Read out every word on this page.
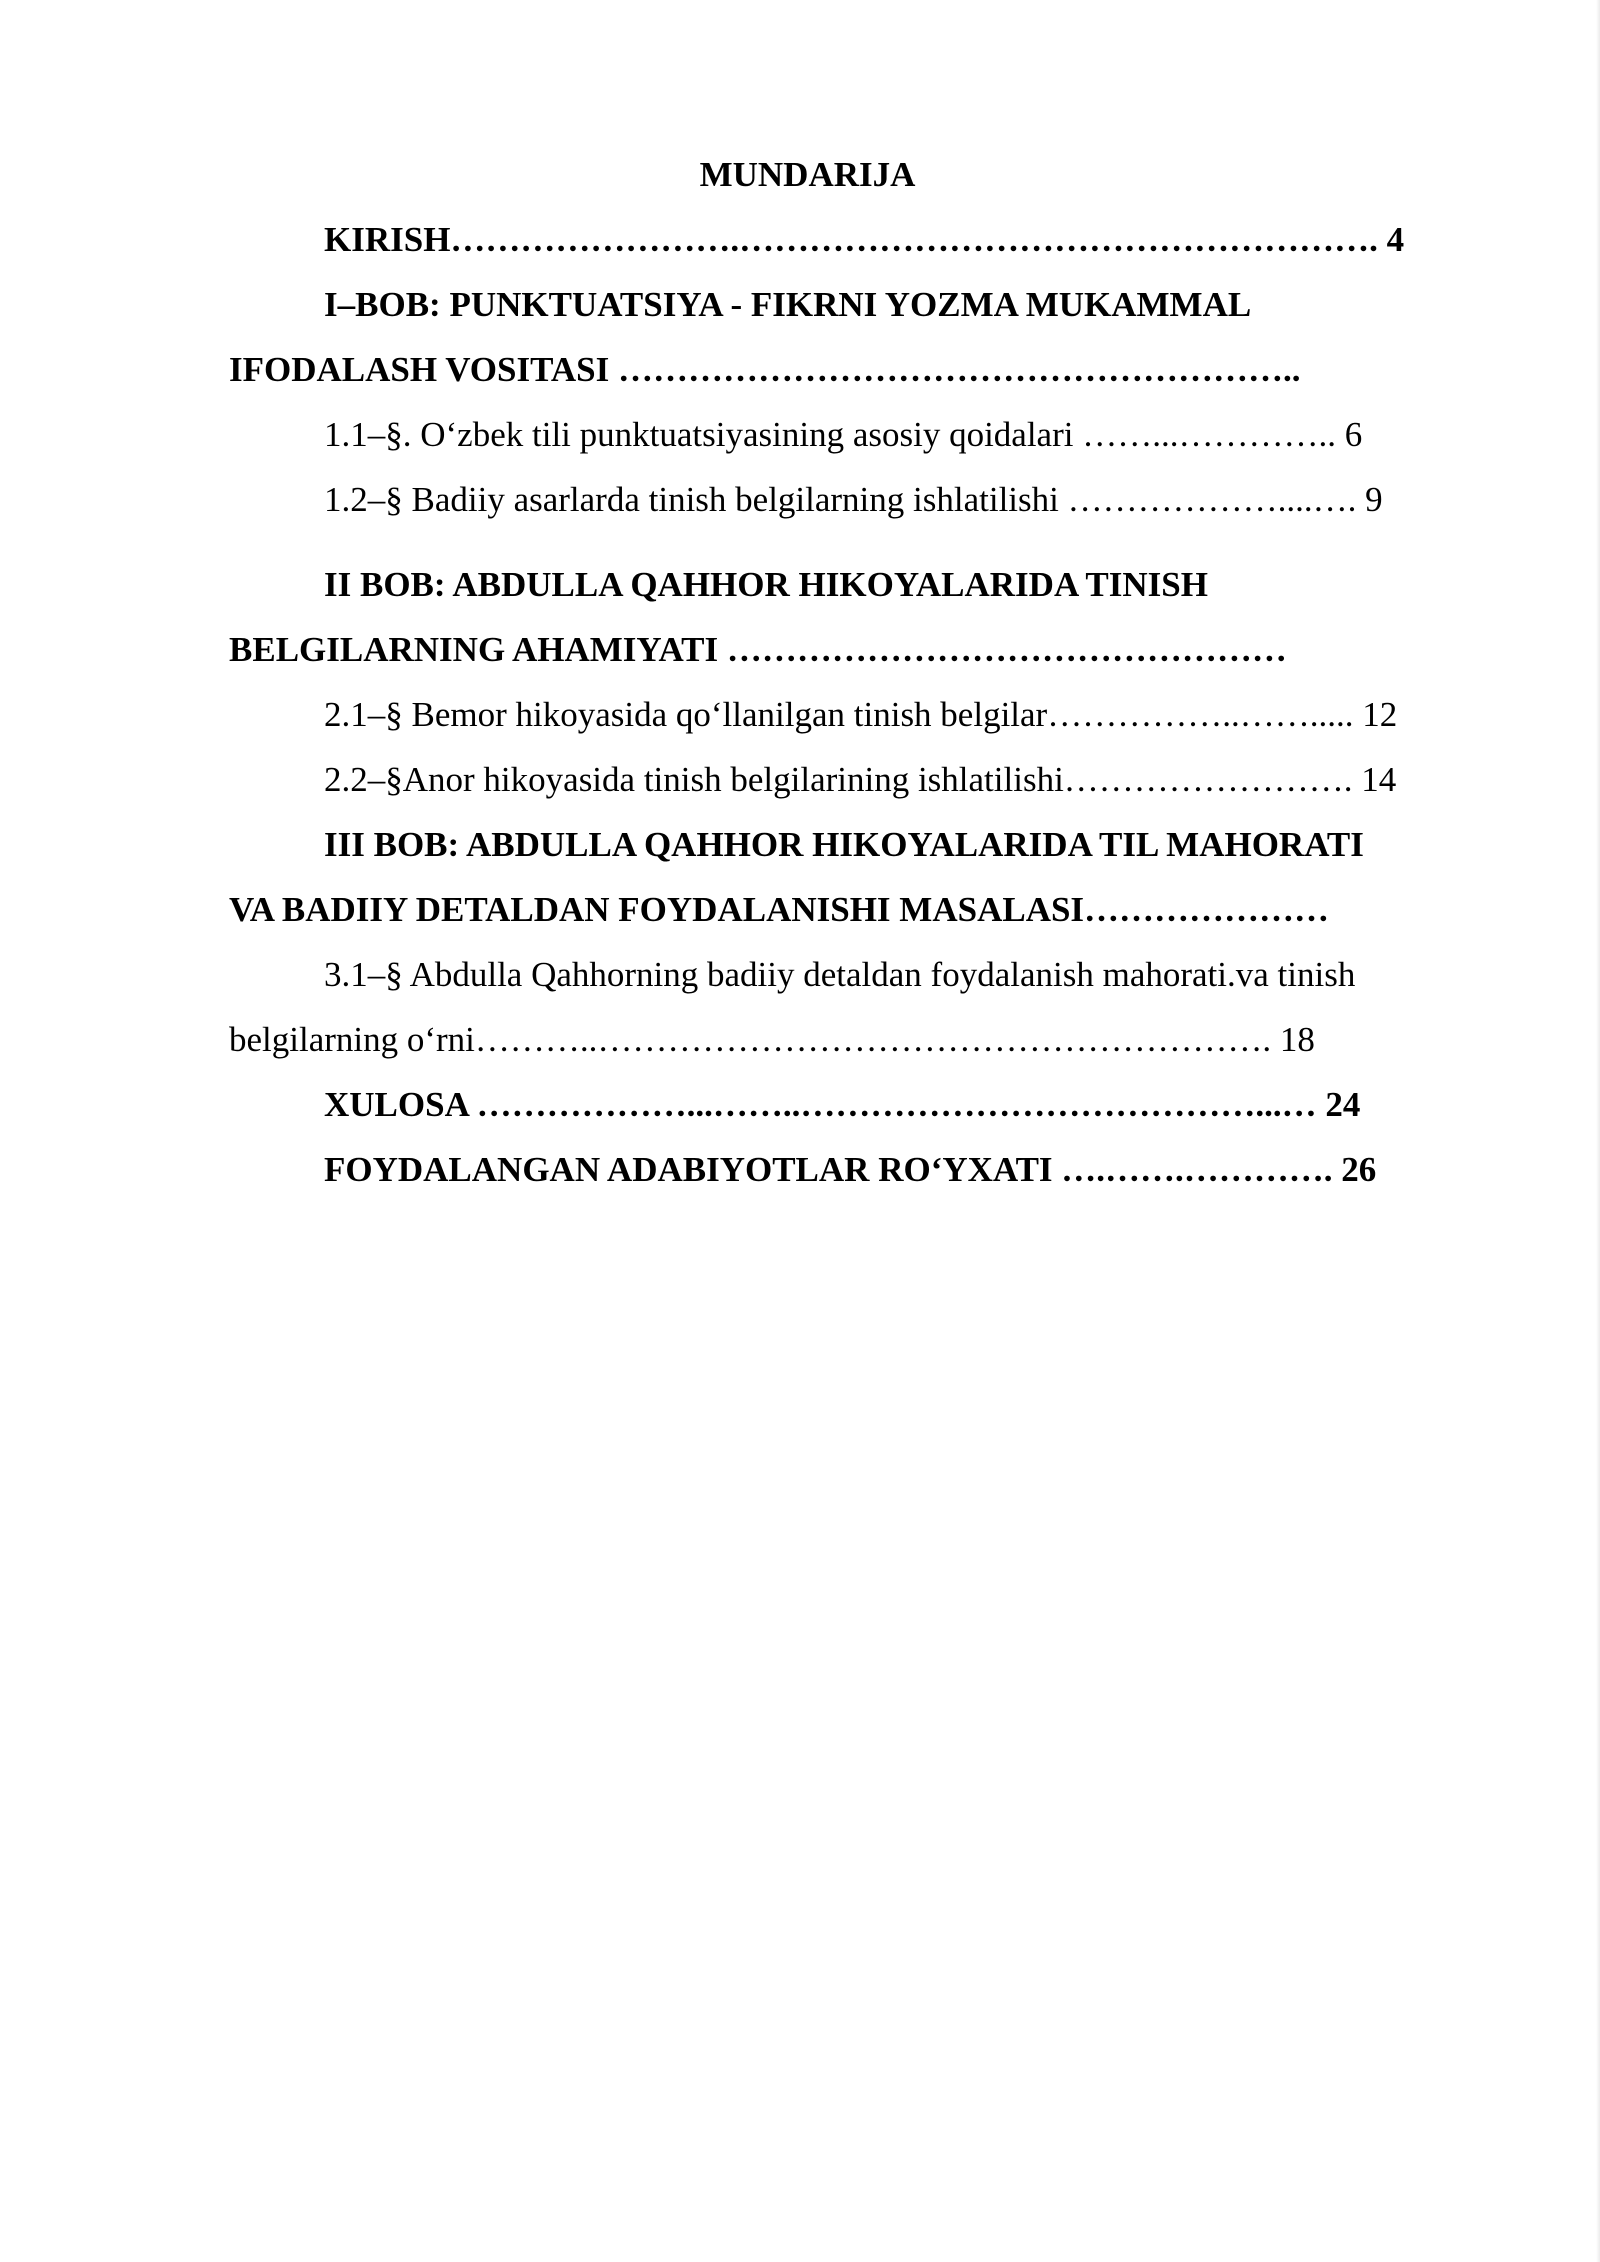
MUNDARIJA
KIRISH…………………….………………………………………………. 4
I–BOB: PUNKTUATSIYA - FIKRNI YOZMA MUKAMMAL
IFODALASH VOSITASI …………………………………………………..
1.1–§. O‘zbek tili punktuatsiyasining asosiy qoidalari ……...………….. 6
1.2–§ Badiiy asarlarda tinish belgilarning ishlatilishi ………………....…. 9
II BOB: ABDULLA QAHHOR HIKOYALARIDA TINISH
BELGILARNING AHAMIYATI …………………………………………
2.1–§ Bemor hikoyasida qo‘llanilgan tinish belgilar……………..……..... 12
2.2–§Anor hikoyasida tinish belgilarining ishlatilishi……………………. 14
III BOB: ABDULLA QAHHOR HIKOYALARIDA TIL MAHORATI
VA BADIIY DETALDAN FOYDALANISHI MASALASI…………………
3.1–§ Abdulla Qahhorning badiiy detaldan foydalanish mahorati.va tinish
belgilarning o‘rni………..…………………………………………………. 18
XULOSA ………………...……..…………………………………...… 24
FOYDALANGAN ADABIYOTLAR RO‘YXATI ….…….…………. 26
